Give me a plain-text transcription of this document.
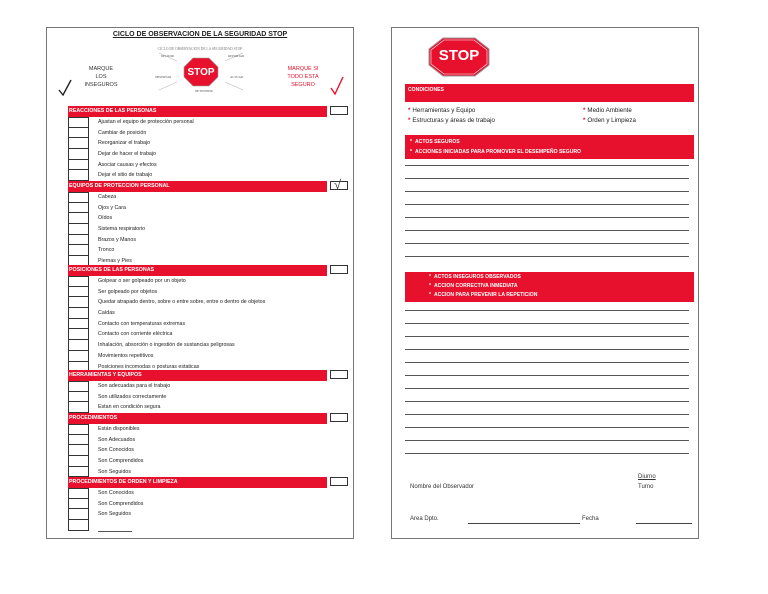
CICLO DE OBSERVACION DE LA SEGURIDAD STOP
CICLO DE OBSERVACION DE LA SEGURIDAD STOP
DECIDIR	REPORTAR
OBSERVAR	ACTUAR
DETENERSE
STOP
MARQUE
LOS
INSEGUROS
MARQUE SI
TODO ESTA
SEGURO
REACCIONES DE LAS PERSONAS
Ajustan el equipo de protección personal
Cambiar de posición
Reorganizar el trabajo
Dejar de hacer el trabajo
Asociar causas y efectos
Dejar el sitio de trabajo
EQUIPOS DE PROTECCION PERSONAL	√
Cabeza
Ojos y Cara
Oídos
Sistema respiratorio
Brazos y Manos
Tronco
Piernas y Pies
POSICIONES DE LAS PERSONAS
Golpear o ser golpeado por un objeto
Ser golpeado por objetos
Quedar atrapado dentro, sobre o entre sobre, entre o dentro de objetos
Caídas
Contacto con temperaturas extremas
Contacto con corriente eléctrica
Inhalación, absorción o ingestión de sustancias peligrosas
Movimientos repetitivos
Posiciones incomodas o posturas estaticas
HERRAMIENTAS Y EQUIPOS
Son adecuadas para el trabajo
Son utilizados correctamente
Estan en condición segura
PROCEDIMIENTOS
Están disponibles
Son Adecuados
Son Conocidos
Son Comprendidos
Son Seguidos
PROCEDIMIENTOS DE ORDEN Y LIMPIEZA
Son Conocidos
Son Comprendidos
Son Seguidos
STOP
CONDICIONES
* Herramientas y Equipo	* Medio Ambiente
* Estructuras y áreas de trabajo	* Orden y Limpieza
* ACTOS SEGUROS
* ACCIONES INICIADAS PARA PROMOVER EL DESEMPEÑO SEGURO
* ACTOS INSEGUROS OBSERVADOS
* ACCION CORRECTIVA INMEDIATA
* ACCION PARA PREVENIR LA REPETICION
Nombre del Observador
Diurno
Turno
Area Dpto.	Fecha
